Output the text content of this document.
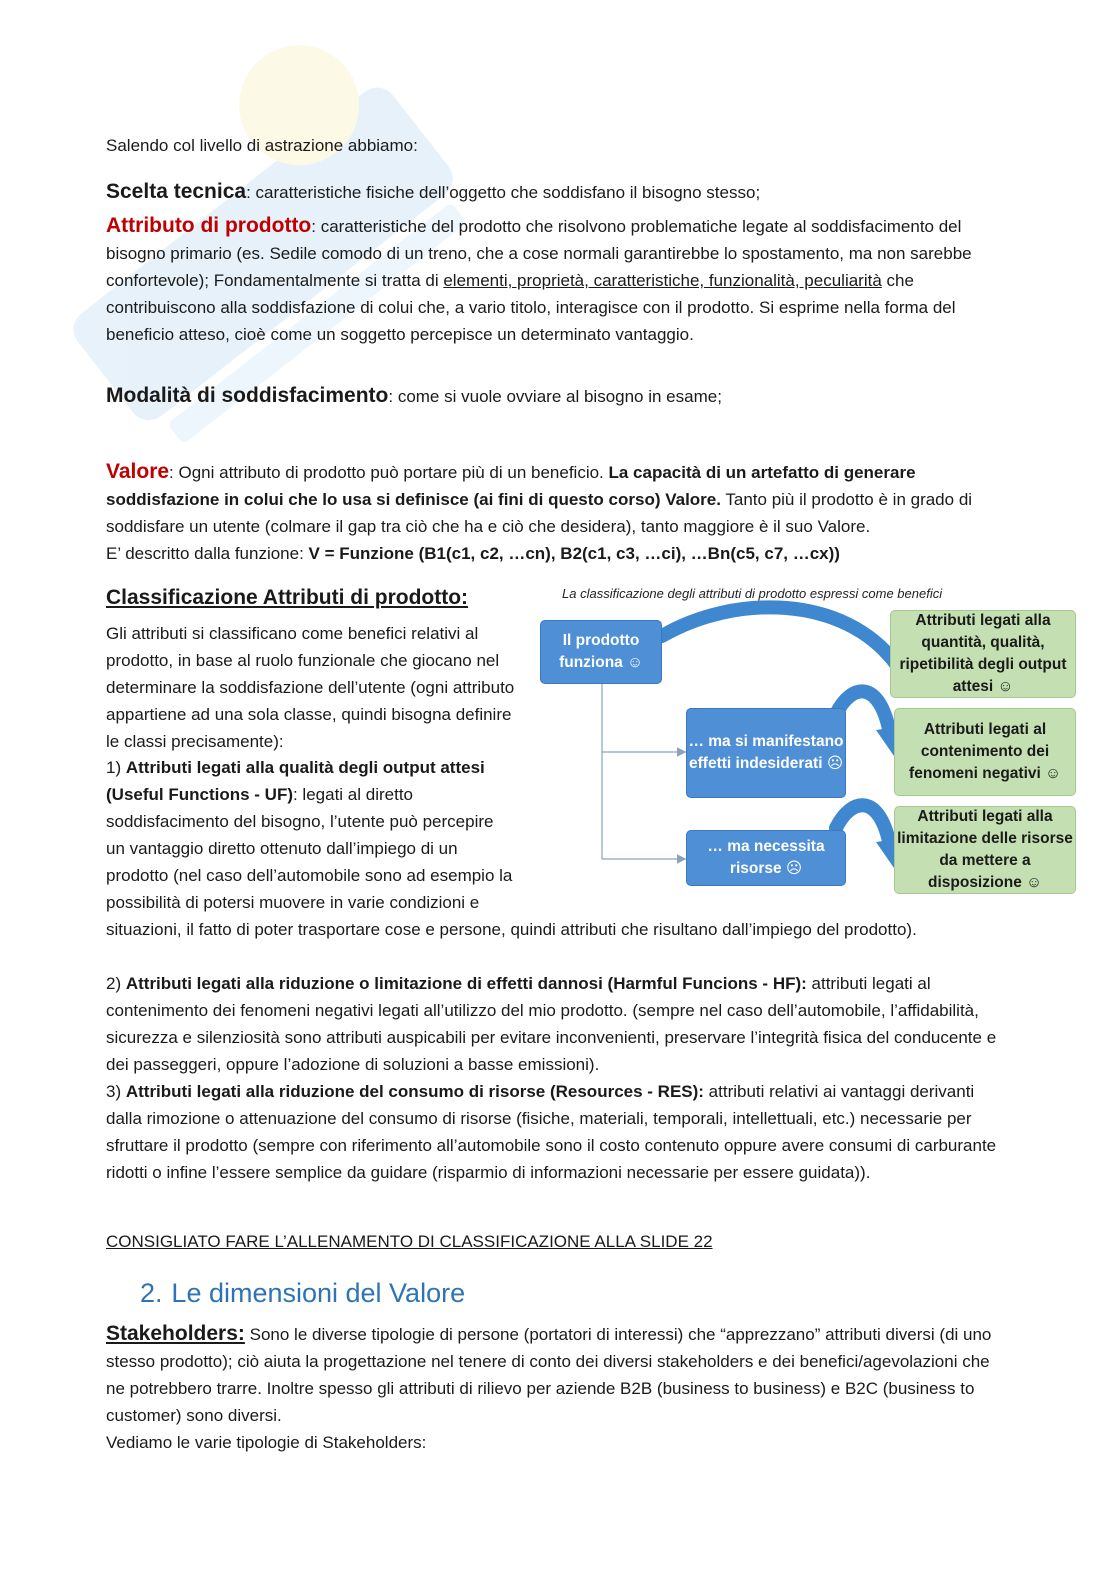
Salendo col livello di astrazione abbiamo:

Scelta tecnica: caratteristiche fisiche dell’oggetto che soddisfano il bisogno stesso;

Attributo di prodotto: caratteristiche del prodotto che risolvono problematiche legate al soddisfacimento del bisogno primario (es. Sedile comodo di un treno, che a cose normali garantirebbe lo spostamento, ma non sarebbe confortevole); Fondamentalmente si tratta di elementi, proprietà, caratteristiche, funzionalità, peculiarità che contribuiscono alla soddisfazione di colui che, a vario titolo, interagisce con il prodotto. Si esprime nella forma del beneficio atteso, cioè come un soggetto percepisce un determinato vantaggio.

Modalità di soddisfacimento: come si vuole ovviare al bisogno in esame;

Valore: Ogni attributo di prodotto può portare più di un beneficio. La capacità di un artefatto di generare soddisfazione in colui che lo usa si definisce (ai fini di questo corso) Valore. Tanto più il prodotto è in grado di soddisfare un utente (colmare il gap tra ciò che ha e ciò che desidera), tanto maggiore è il suo Valore.
E’ descritto dalla funzione: V = Funzione (B1(c1, c2, …cn), B2(c1, c3, …ci), …Bn(c5, c7, …cx))

Classificazione Attributi di prodotto:

Gli attributi si classificano come benefici relativi al prodotto, in base al ruolo funzionale che giocano nel determinare la soddisfazione dell’utente (ogni attributo appartiene ad una sola classe, quindi bisogna definire le classi precisamente):

1) Attributi legati alla qualità degli output attesi (Useful Functions - UF): legati al diretto soddisfacimento del bisogno, l’utente può percepire un vantaggio diretto ottenuto dall’impiego di un prodotto (nel caso dell’automobile sono ad esempio la possibilità di potersi muovere in varie condizioni e situazioni, il fatto di poter trasportare cose e persone, quindi attributi che risultano dall’impiego del prodotto).

2) Attributi legati alla riduzione o limitazione di effetti dannosi (Harmful Funcions - HF): attributi legati al contenimento dei fenomeni negativi legati all’utilizzo del mio prodotto. (sempre nel caso dell’automobile, l’affidabilità, sicurezza e silenziosità sono attributi auspicabili per evitare inconvenienti, preservare l’integrità fisica del conducente e dei passeggeri, oppure l’adozione di soluzioni a basse emissioni).

3) Attributi legati alla riduzione del consumo di risorse (Resources - RES): attributi relativi ai vantaggi derivanti dalla rimozione o attenuazione del consumo di risorse (fisiche, materiali, temporali, intellettuali, etc.) necessarie per sfruttare il prodotto (sempre con riferimento all’automobile sono il costo contenuto oppure avere consumi di carburante ridotti o infine l’essere semplice da guidare (risparmio di informazioni necessarie per essere guidata)).

CONSIGLIATO FARE L’ALLENAMENTO DI CLASSIFICAZIONE ALLA SLIDE 22

2. Le dimensioni del Valore

Stakeholders: Sono le diverse tipologie di persone (portatori di interessi) che “apprezzano” attributi diversi (di uno stesso prodotto); ciò aiuta la progettazione nel tenere di conto dei diversi stakeholders e dei benefici/agevolazioni che ne potrebbero trarre. Inoltre spesso gli attributi di rilievo per aziende B2B (business to business) e B2C (business to customer) sono diversi.
Vediamo le varie tipologie di Stakeholders:

La classificazione degli attributi di prodotto espressi come benefici
Il prodotto funziona ☺
… ma si manifestano effetti indesiderati ☹
… ma necessita risorse ☹
Attributi legati alla quantità, qualità, ripetibilità degli output attesi ☺
Attributi legati al contenimento dei fenomeni negativi ☺
Attributi legati alla limitazione delle risorse da mettere a disposizione ☺
